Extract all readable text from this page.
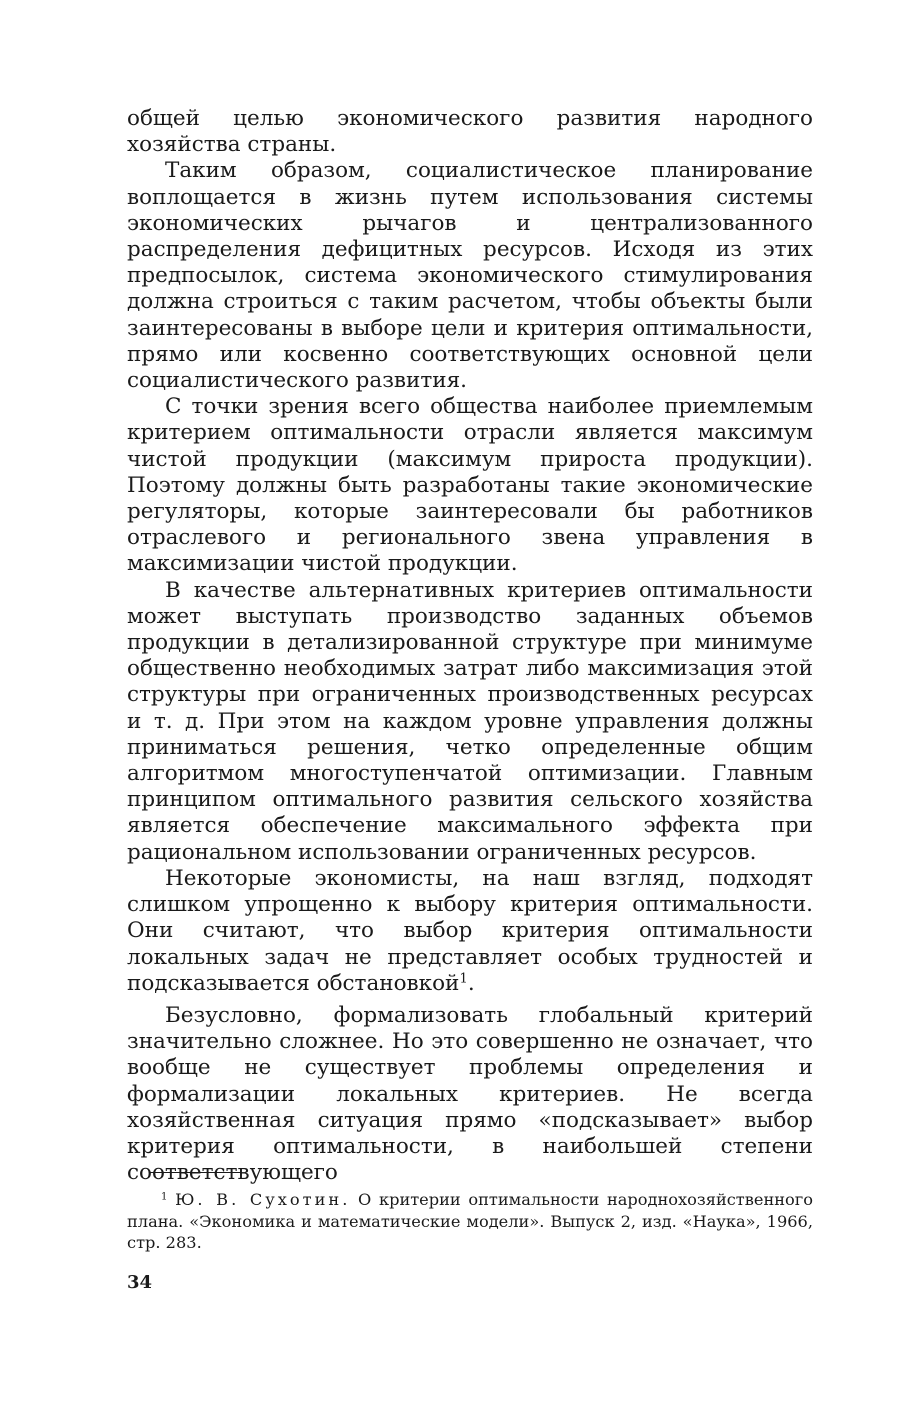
общей целью экономического развития народного хозяйства страны.

Таким образом, социалистическое планирование воплощается в жизнь путем использования системы экономических рычагов и централизованного распределения дефицитных ресурсов. Исходя из этих предпосылок, система экономического стимулирования должна строиться с таким расчетом, чтобы объекты были заинтересованы в выборе цели и критерия оптимальности, прямо или косвенно соответствующих основной цели социалистического развития.

С точки зрения всего общества наиболее приемлемым критерием оптимальности отрасли является максимум чистой продукции (максимум прироста продукции). Поэтому должны быть разработаны такие экономические регуляторы, которые заинтересовали бы работников отраслевого и регионального звена управления в максимизации чистой продукции.

В качестве альтернативных критериев оптимальности может выступать производство заданных объемов продукции в детализированной структуре при минимуме общественно необходимых затрат либо максимизация этой структуры при ограниченных производственных ресурсах и т. д. При этом на каждом уровне управления должны приниматься решения, четко определенные общим алгоритмом многоступенчатой оптимизации. Главным принципом оптимального развития сельского хозяйства является обеспечение максимального эффекта при рациональном использовании ограниченных ресурсов.

Некоторые экономисты, на наш взгляд, подходят слишком упрощенно к выбору критерия оптимальности. Они считают, что выбор критерия оптимальности локальных задач не представляет особых трудностей и подсказывается обстановкой$^1$.

Безусловно, формализовать глобальный критерий значительно сложнее. Но это совершенно не означает, что вообще не существует проблемы определения и формализации локальных критериев. Не всегда хозяйственная ситуация прямо «подсказывает» выбор критерия оптимальности, в наибольшей степени соответствующего

$^1$ Ю. В. Сухотин. О критерии оптимальности народнохозяйственного плана. «Экономика и математические модели». Выпуск 2, изд. «Наука», 1966, стр. 283.
34
